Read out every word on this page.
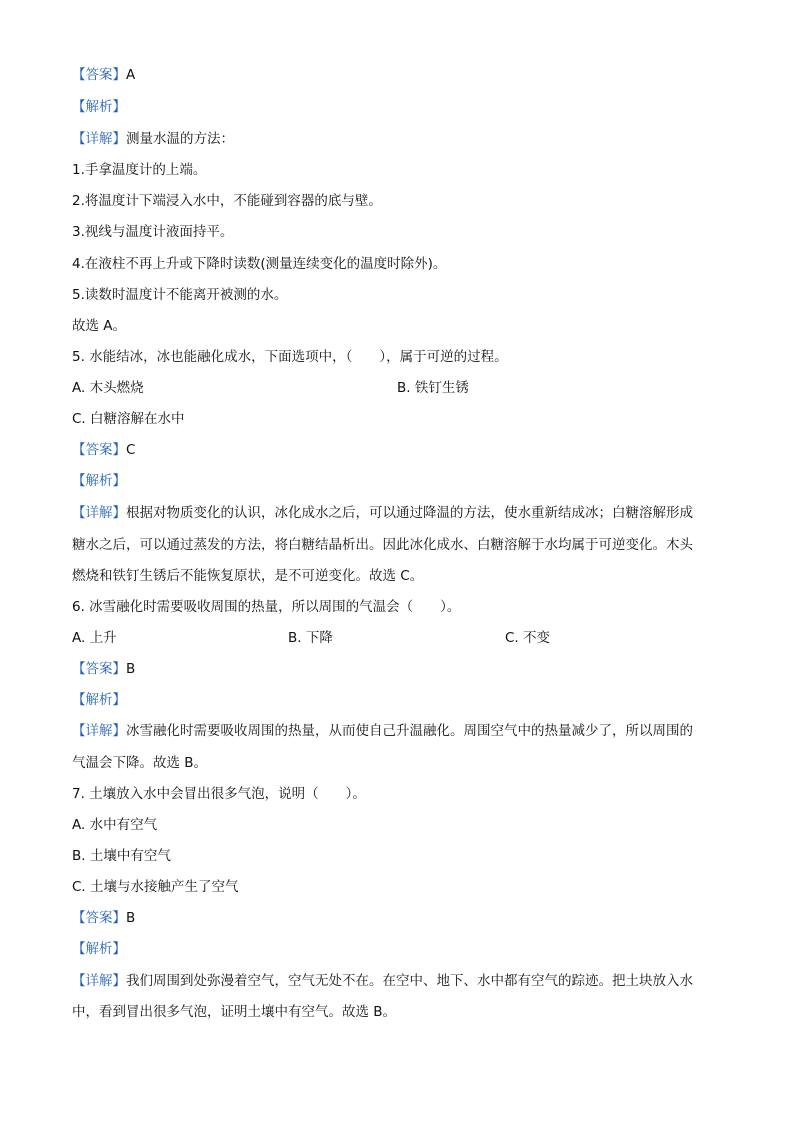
【答案】A
【解析】
【详解】测量水温的方法：
1.手拿温度计的上端。
2.将温度计下端浸入水中，不能碰到容器的底与壁。
3.视线与温度计液面持平。
4.在液柱不再上升或下降时读数(测量连续变化的温度时除外)。
5.读数时温度计不能离开被测的水。
故选 A。
5. 水能结冰，冰也能融化成水，下面选项中，（　　），属于可逆的过程。
A. 木头燃烧	B. 铁钉生锈
C. 白糖溶解在水中
【答案】C
【解析】
【详解】根据对物质变化的认识，冰化成水之后，可以通过降温的方法，使水重新结成冰；白糖溶解形成
糖水之后，可以通过蒸发的方法，将白糖结晶析出。因此冰化成水、白糖溶解于水均属于可逆变化。木头
燃烧和铁钉生锈后不能恢复原状，是不可逆变化。故选 C。
6. 冰雪融化时需要吸收周围的热量，所以周围的气温会（　　）。
A. 上升	B. 下降	C. 不变
【答案】B
【解析】
【详解】冰雪融化时需要吸收周围的热量，从而使自己升温融化。周围空气中的热量减少了，所以周围的
气温会下降。故选 B。
7. 土壤放入水中会冒出很多气泡，说明（　　）。
A. 水中有空气
B. 土壤中有空气
C. 土壤与水接触产生了空气
【答案】B
【解析】
【详解】我们周围到处弥漫着空气，空气无处不在。在空中、地下、水中都有空气的踪迹。把土块放入水
中，看到冒出很多气泡，证明土壤中有空气。故选 B。
